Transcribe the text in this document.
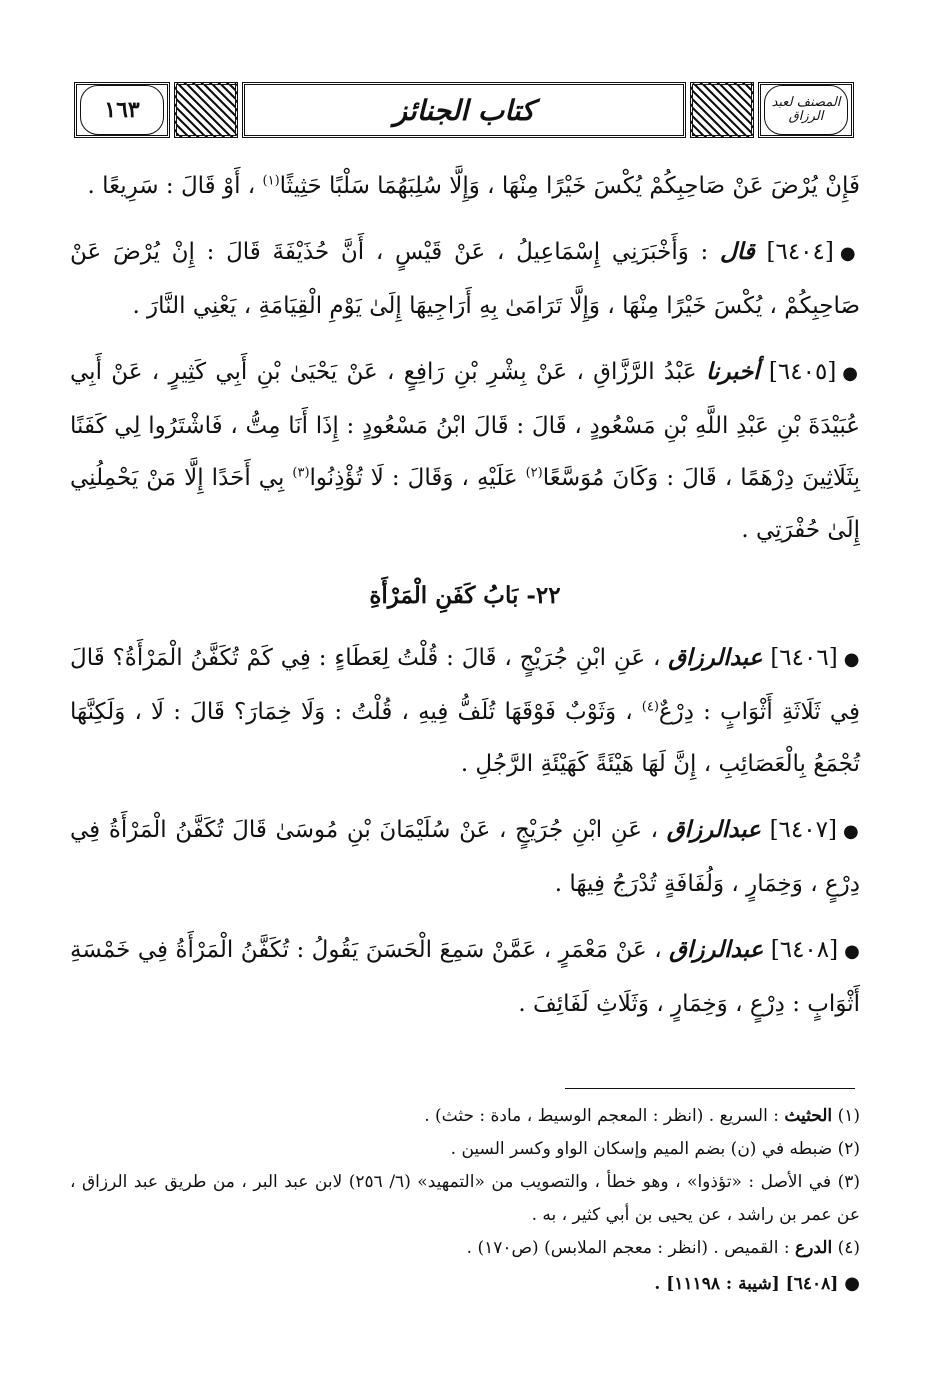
المصنف لعبد الرزاق
كتاب الجنائز
١٦٣

فَإِنْ يُرْضَ عَنْ صَاحِبِكُمْ يُكْسَ خَيْرًا مِنْهَا ، وَإِلَّا سُلِبَهُمَا سَلْبًا حَثِيثًا$^{(١)}$ ، أَوْ قَالَ : سَرِيعًا .

●[٦٤٠٤] قال : وَأَخْبَرَنِي إِسْمَاعِيلُ ، عَنْ قَيْسٍ ، أَنَّ حُذَيْفَةَ قَالَ : إِنْ يُرْضَ عَنْ صَاحِبِكُمْ ، يُكْسَ خَيْرًا مِنْهَا ، وَإِلَّا تَرَامَىٰ بِهِ أَرَاجِيهَا إِلَىٰ يَوْمِ الْقِيَامَةِ ، يَعْنِي النَّارَ .

●[٦٤٠٥] أخبرنا عَبْدُ الرَّزَّاقِ ، عَنْ بِشْرِ بْنِ رَافِعٍ ، عَنْ يَحْيَىٰ بْنِ أَبِي كَثِيرٍ ، عَنْ أَبِي عُبَيْدَةَ بْنِ عَبْدِ اللَّهِ بْنِ مَسْعُودٍ ، قَالَ : قَالَ ابْنُ مَسْعُودٍ : إِذَا أَنَا مِتُّ ، فَاشْتَرُوا لِي كَفَنًا بِثَلَاثِينَ دِرْهَمًا ، قَالَ : وَكَانَ مُوَسَّعًا$^{(٢)}$ عَلَيْهِ ، وَقَالَ : لَا تُؤْذِنُوا$^{(٣)}$ بِي أَحَدًا إِلَّا مَنْ يَحْمِلُنِي إِلَىٰ حُفْرَتِي .

٢٢- بَابُ كَفَنِ الْمَرْأَةِ

●[٦٤٠٦] عبدالرزاق ، عَنِ ابْنِ جُرَيْجٍ ، قَالَ : قُلْتُ لِعَطَاءٍ : فِي كَمْ تُكَفَّنُ الْمَرْأَةُ؟ قَالَ فِي ثَلَاثَةِ أَثْوَابٍ : دِرْعٌ$^{(٤)}$ ، وَثَوْبٌ فَوْقَهَا تُلَفُّ فِيهِ ، قُلْتُ : وَلَا خِمَارَ؟ قَالَ : لَا ، وَلَكِنَّهَا تُجْمَعُ بِالْعَصَائِبِ ، إِنَّ لَهَا هَيْئَةً كَهَيْئَةِ الرَّجُلِ .

●[٦٤٠٧] عبدالرزاق ، عَنِ ابْنِ جُرَيْجٍ ، عَنْ سُلَيْمَانَ بْنِ مُوسَىٰ قَالَ تُكَفَّنُ الْمَرْأَةُ فِي دِرْعٍ ، وَخِمَارٍ ، وَلُفَافَةٍ تُدْرَجُ فِيهَا .

●[٦٤٠٨] عبدالرزاق ، عَنْ مَعْمَرٍ ، عَمَّنْ سَمِعَ الْحَسَنَ يَقُولُ : تُكَفَّنُ الْمَرْأَةُ فِي خَمْسَةِ أَثْوَابٍ : دِرْعٍ ، وَخِمَارٍ ، وَثَلَاثِ لَفَائِفَ .

(١) الحثيث : السريع . (انظر : المعجم الوسيط ، مادة : حثث) .

(٢) ضبطه في (ن) بضم الميم وإسكان الواو وكسر السين .

(٣) في الأصل : «تؤذوا» ، وهو خطأ ، والتصويب من «التمهيد» (٦/ ٢٥٦) لابن عبد البر ، من طريق عبد الرزاق ، عن عمر بن راشد ، عن يحيى بن أبي كثير ، به .

(٤) الدرع : القميص . (انظر : معجم الملابس) (ص١٧٠) .

●[٦٤٠٨] [شيبة : ١١١٩٨] .
